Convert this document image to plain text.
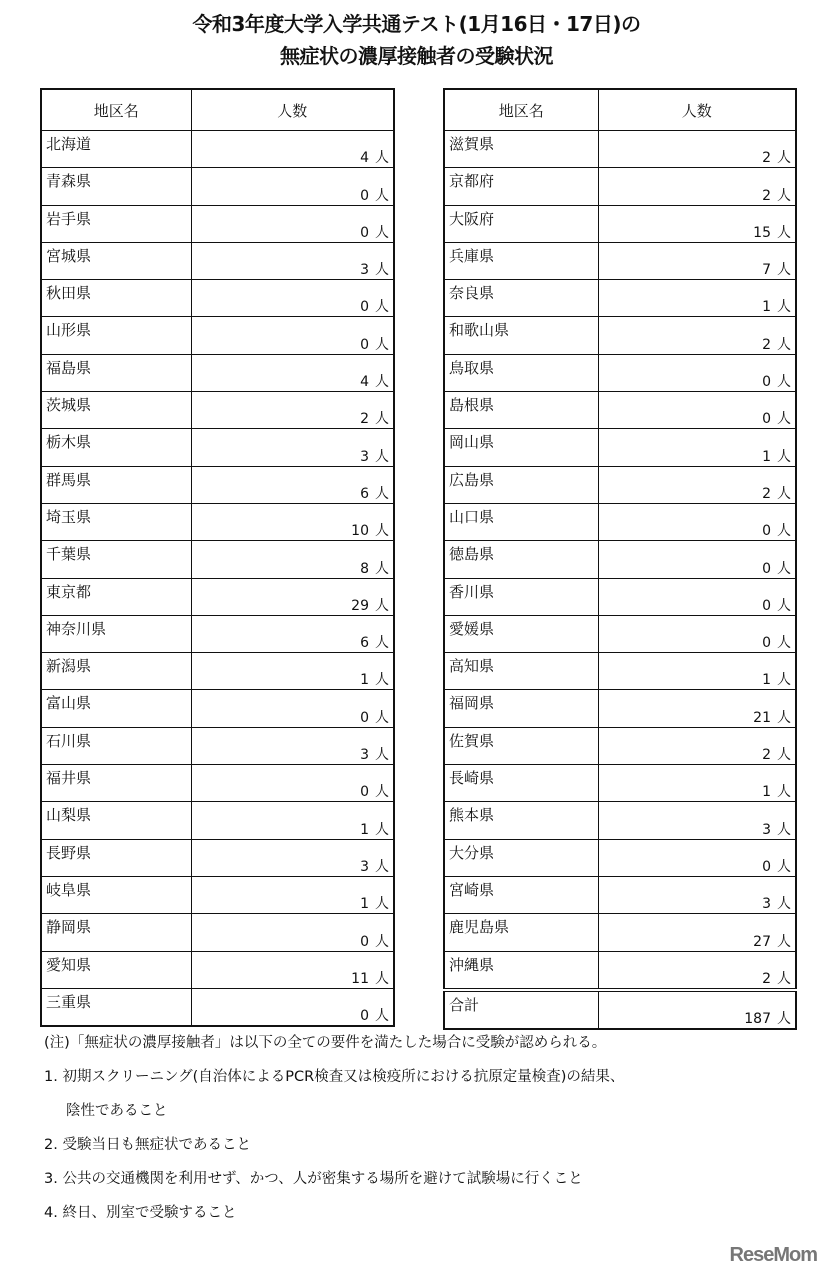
令和3年度大学入学共通テスト(1月16日・17日)の
無症状の濃厚接触者の受験状況
地区名	人数
北海道	4 人
青森県	0 人
岩手県	0 人
宮城県	3 人
秋田県	0 人
山形県	0 人
福島県	4 人
茨城県	2 人
栃木県	3 人
群馬県	6 人
埼玉県	10 人
千葉県	8 人
東京都	29 人
神奈川県	6 人
新潟県	1 人
富山県	0 人
石川県	3 人
福井県	0 人
山梨県	1 人
長野県	3 人
岐阜県	1 人
静岡県	0 人
愛知県	11 人
三重県	0 人
地区名	人数
滋賀県	2 人
京都府	2 人
大阪府	15 人
兵庫県	7 人
奈良県	1 人
和歌山県	2 人
鳥取県	0 人
島根県	0 人
岡山県	1 人
広島県	2 人
山口県	0 人
徳島県	0 人
香川県	0 人
愛媛県	0 人
高知県	1 人
福岡県	21 人
佐賀県	2 人
長崎県	1 人
熊本県	3 人
大分県	0 人
宮崎県	3 人
鹿児島県	27 人
沖縄県	2 人
合計	187 人
(注)「無症状の濃厚接触者」は以下の全ての要件を満たした場合に受験が認められる。
1. 初期スクリーニング(自治体によるPCR検査又は検疫所における抗原定量検査)の結果、
陰性であること
2. 受験当日も無症状であること
3. 公共の交通機関を利用せず、かつ、人が密集する場所を避けて試験場に行くこと
4. 終日、別室で受験すること
ReseMom
